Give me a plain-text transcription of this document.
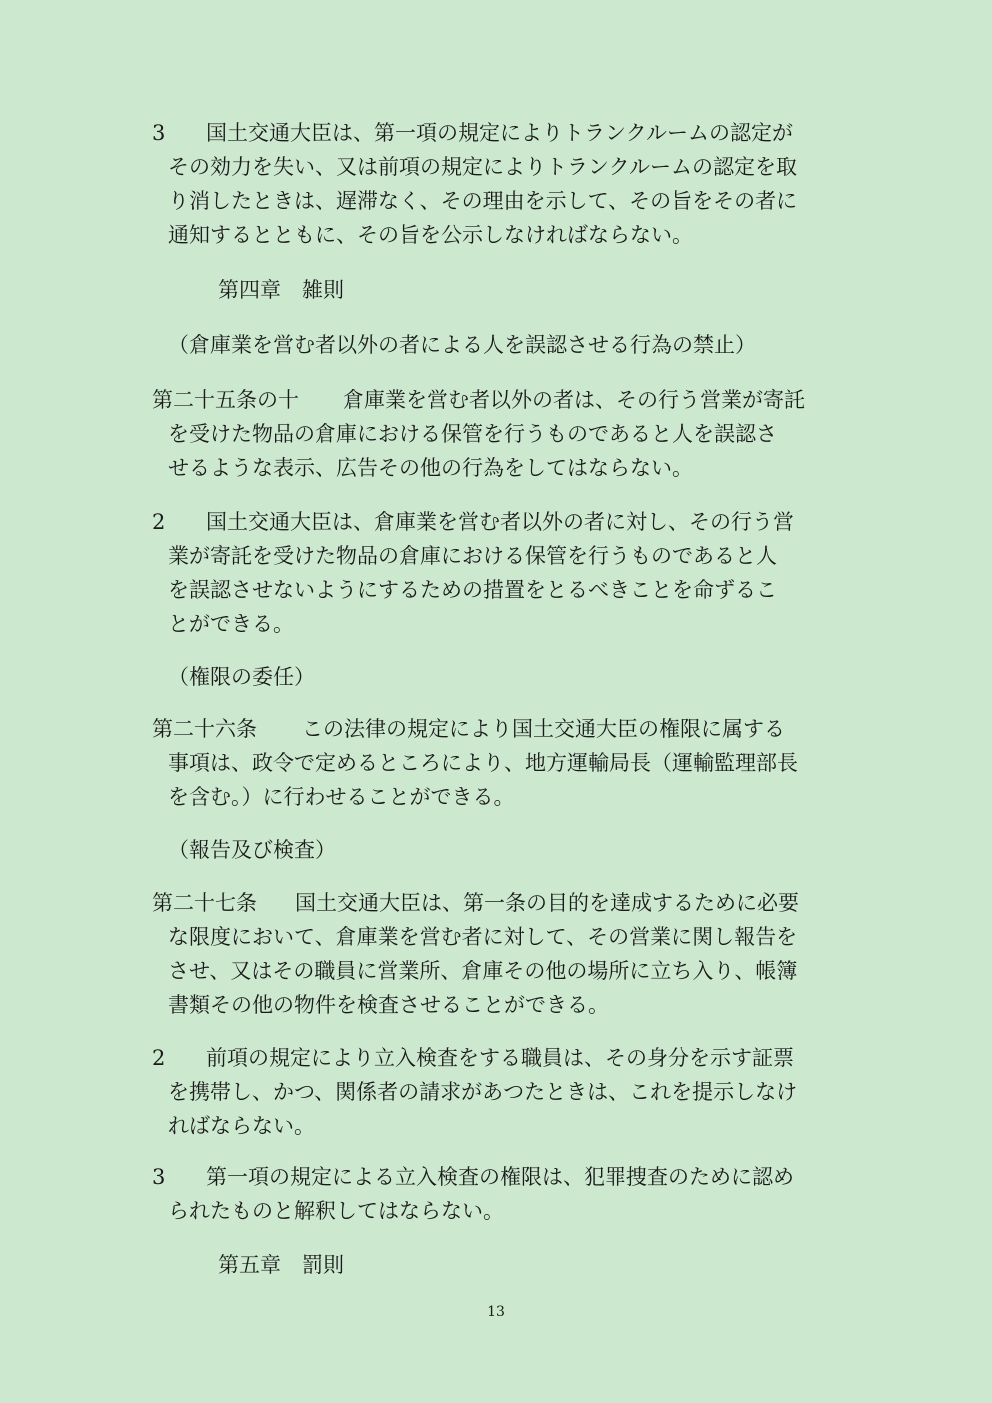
3 国土交通大臣は、第一項の規定によりトランクルームの認定が
その効力を失い、又は前項の規定によりトランクルームの認定を取
り消したときは、遅滞なく、その理由を示して、その旨をその者に
通知するとともに、その旨を公示しなければならない。
第四章　雑則
（倉庫業を営む者以外の者による人を誤認させる行為の禁止）
第二十五条の十 倉庫業を営む者以外の者は、その行う営業が寄託
を受けた物品の倉庫における保管を行うものであると人を誤認さ
せるような表示、広告その他の行為をしてはならない。
2 国土交通大臣は、倉庫業を営む者以外の者に対し、その行う営
業が寄託を受けた物品の倉庫における保管を行うものであると人
を誤認させないようにするための措置をとるべきことを命ずるこ
とができる。
（権限の委任）
第二十六条 この法律の規定により国土交通大臣の権限に属する
事項は、政令で定めるところにより、地方運輸局長（運輸監理部長
を含む。）に行わせることができる。
（報告及び検査）
第二十七条 国土交通大臣は、第一条の目的を達成するために必要
な限度において、倉庫業を営む者に対して、その営業に関し報告を
させ、又はその職員に営業所、倉庫その他の場所に立ち入り、帳簿
書類その他の物件を検査させることができる。
2 前項の規定により立入検査をする職員は、その身分を示す証票
を携帯し、かつ、関係者の請求があつたときは、これを提示しなけ
ればならない。
3 第一項の規定による立入検査の権限は、犯罪捜査のために認め
られたものと解釈してはならない。
第五章　罰則
13
